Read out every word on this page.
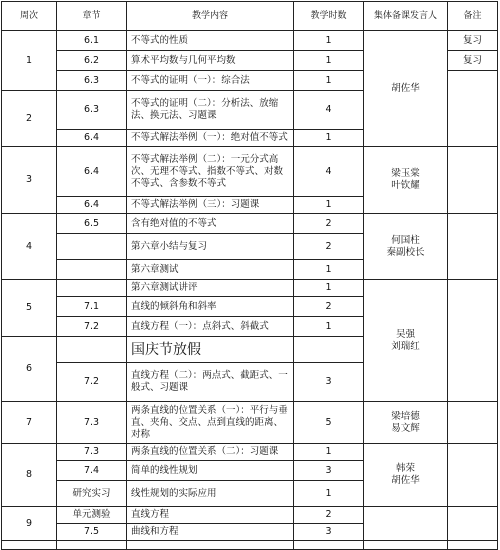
周次	章节	教学内容	教学时数	集体备课发言人	备注
1	6.1	不等式的性质	1	胡佐华	复习
	6.2	算术平均数与几何平均数	1		复习
	6.3	不等式的证明（一）：综合法	1		
2	6.3	不等式的证明（二）：分析法、放缩法、换元法、习题课	4		
	6.4	不等式解法举例（一）：绝对值不等式	1		
3	6.4	不等式解法举例（二）：一元分式高次、无理不等式、指数不等式、对数不等式、含参数不等式	4	梁玉棠
叶钦耀	
	6.4	不等式解法举例（三）：习题课	1		
4	6.5	含有绝对值的不等式	2	何国柱
秦副校长	
		第六章小结与复习	2		
		第六章测试	1		
5		第六章测试讲评	1	吴强
刘瑞红	
	7.1	直线的倾斜角和斜率	2		
	7.2	直线方程（一）：点斜式、斜截式	1		
6		国庆节放假			
	7.2	直线方程（二）：两点式、截距式、一般式、习题课	3		
7	7.3	两条直线的位置关系（一）：平行与垂直、夹角、交点、点到直线的距离、对称	5	梁培德
易文辉	
8	7.3	两条直线的位置关系（二）：习题课	1	韩荣
胡佐华	
	7.4	简单的线性规划	3		
	研究实习	线性规划的实际应用	1		
9	单元测验	直线方程	2		
	7.5	曲线和方程	3		
